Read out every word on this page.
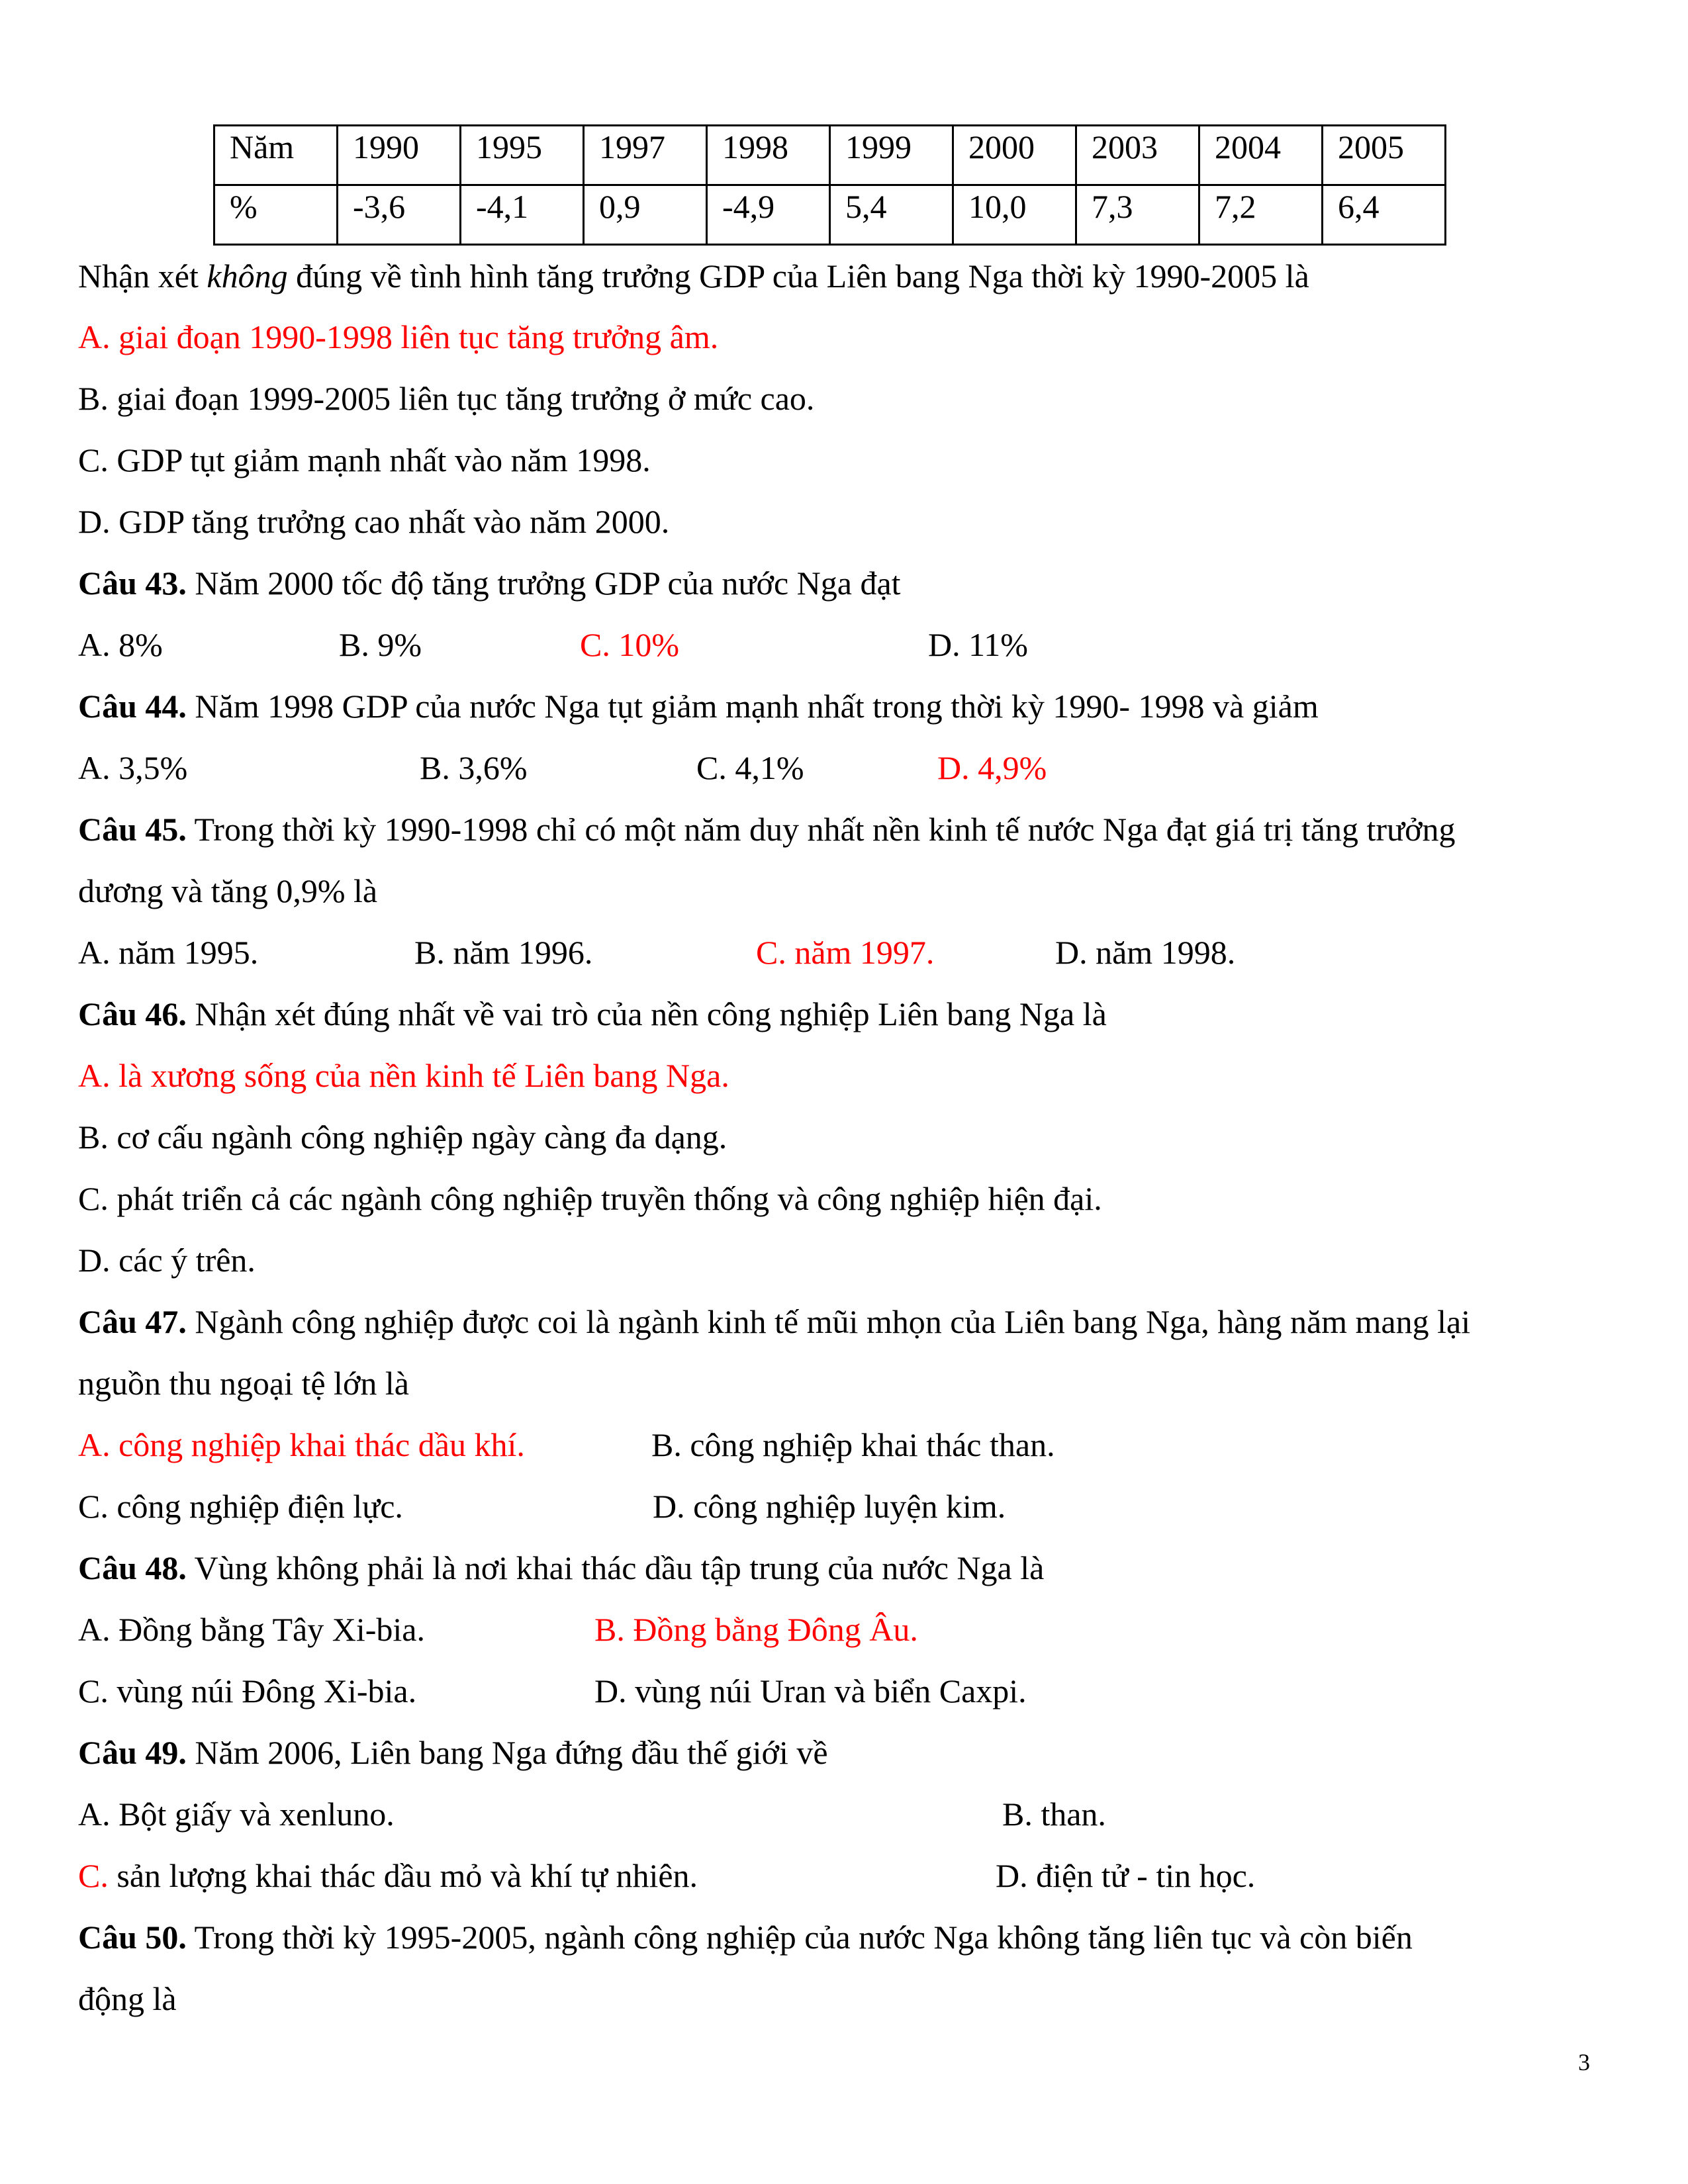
Năm	1990	1995	1997	1998	1999	2000	2003	2004	2005
%	-3,6	-4,1	0,9	-4,9	5,4	10,0	7,3	7,2	6,4
Nhận xét không đúng về tình hình tăng trưởng GDP của Liên bang Nga thời kỳ 1990-2005 là
A. giai đoạn 1990-1998 liên tục tăng trưởng âm.
B. giai đoạn 1999-2005 liên tục tăng trưởng ở mức cao.
C. GDP tụt giảm mạnh nhất vào năm 1998.
D. GDP tăng trưởng cao nhất vào năm 2000.
Câu 43. Năm 2000 tốc độ tăng trưởng GDP của nước Nga đạt
A. 8%	B. 9%	C. 10%	D. 11%
Câu 44. Năm 1998 GDP của nước Nga tụt giảm mạnh nhất trong thời kỳ 1990- 1998 và giảm
A. 3,5%	B. 3,6%	C. 4,1%	D. 4,9%
Câu 45. Trong thời kỳ 1990-1998 chỉ có một năm duy nhất nền kinh tế nước Nga đạt giá trị tăng trưởng
dương và tăng 0,9% là
A. năm 1995.	B. năm 1996.	C. năm 1997.	D. năm 1998.
Câu 46. Nhận xét đúng nhất về vai trò của nền công nghiệp Liên bang Nga là
A. là xương sống của nền kinh tế Liên bang Nga.
B. cơ cấu ngành công nghiệp ngày càng đa dạng.
C. phát triển cả các ngành công nghiệp truyền thống và công nghiệp hiện đại.
D. các ý trên.
Câu 47. Ngành công nghiệp được coi là ngành kinh tế mũi mhọn của Liên bang Nga, hàng năm mang lại
nguồn thu ngoại tệ lớn là
A. công nghiệp khai thác dầu khí.	B. công nghiệp khai thác than.
C. công nghiệp điện lực.	D. công nghiệp luyện kim.
Câu 48. Vùng không phải là nơi khai thác dầu tập trung của nước Nga là
A. Đồng bằng Tây Xi-bia.	B. Đồng bằng Đông Âu.
C. vùng núi Đông Xi-bia.	D. vùng núi Uran và biển Caxpi.
Câu 49. Năm 2006, Liên bang Nga đứng đầu thế giới về
A. Bột giấy và xenluno.	B. than.
C. sản lượng khai thác dầu mỏ và khí tự nhiên.	D. điện tử - tin học.
Câu 50. Trong thời kỳ 1995-2005, ngành công nghiệp của nước Nga không tăng liên tục và còn biến
động là
3
